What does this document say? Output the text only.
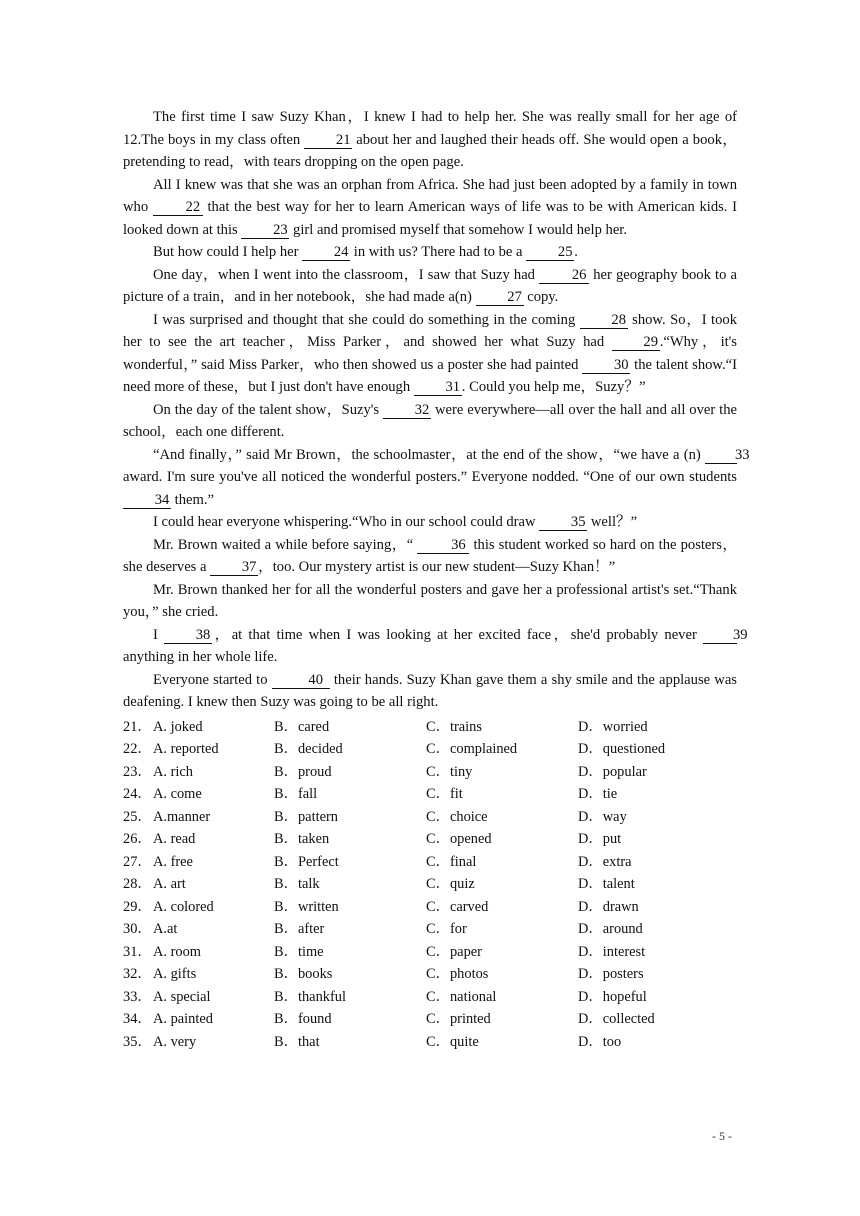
The first time I saw Suzy Khan，I knew I had to help her. She was really small for her age of 12.The boys in my class often 21 about her and laughed their heads off. She would open a book，pretending to read，with tears dropping on the open page.

All I knew was that she was an orphan from Africa. She had just been adopted by a family in town who 22 that the best way for her to learn American ways of life was to be with American kids. I looked down at this 23 girl and promised myself that somehow I would help her.

But how could I help her 24 in with us? There had to be a 25 .

One day，when I went into the classroom，I saw that Suzy had 26 her geography book to a picture of a train，and in her notebook，she had made a(n) 27 copy.

I was surprised and thought that she could do something in the coming 28 show. So，I took her to see the art teacher，Miss Parker，and showed her what Suzy had 29 .“Why，it's wonderful，” said Miss Parker，who then showed us a poster she had painted 30 the talent show.“I need more of these，but I just don't have enough 31 . Could you help me，Suzy？”

On the day of the talent show，Suzy's 32 were everywhere—all over the hall and all over the school，each one different.

“And finally，” said Mr Brown，the schoolmaster，at the end of the show，“we have a (n) 33 award. I'm sure you've all noticed the wonderful posters.” Everyone nodded. “One of our own students 34 them.”

I could hear everyone whispering.“Who in our school could draw 35 well？”

Mr. Brown waited a while before saying，“ 36 this student worked so hard on the posters，she deserves a 37 ，too. Our mystery artist is our new student—Suzy Khan！”

Mr. Brown thanked her for all the wonderful posters and gave her a professional artist's set.“Thank you，” she cried.

I 38 ，at that time when I was looking at her excited face，she'd probably never 39 anything in her whole life.

Everyone started to	40 their hands. Suzy Khan gave them a shy smile and the applause was deafening. I knew then Suzy was going to be all right.

21． A. joked	B．cared	C．trains	D．worried
22． A. reported	B．decided	C．complained	D．questioned
23． A. rich	B．proud	C．tiny	D．popular
24． A. come	B．fall	C．fit	D．tie
25． A.manner	B．pattern	C．choice	D．way
26． A. read	B．taken	C．opened	D．put
27． A. free	B．Perfect	C．final	D．extra
28． A. art	B．talk	C．quiz	D．talent
29． A. colored	B．written	C．carved	D．drawn
30． A.at	B．after	C．for	D．around
31． A. room	B．time	C．paper	D．interest
32． A. gifts	B．books	C．photos	D．posters
33． A. special	B．thankful	C．national	D．hopeful
34． A. painted	B．found	C．printed	D．collected
35． A. very	B．that	C．quite	D．too
- 5 -
